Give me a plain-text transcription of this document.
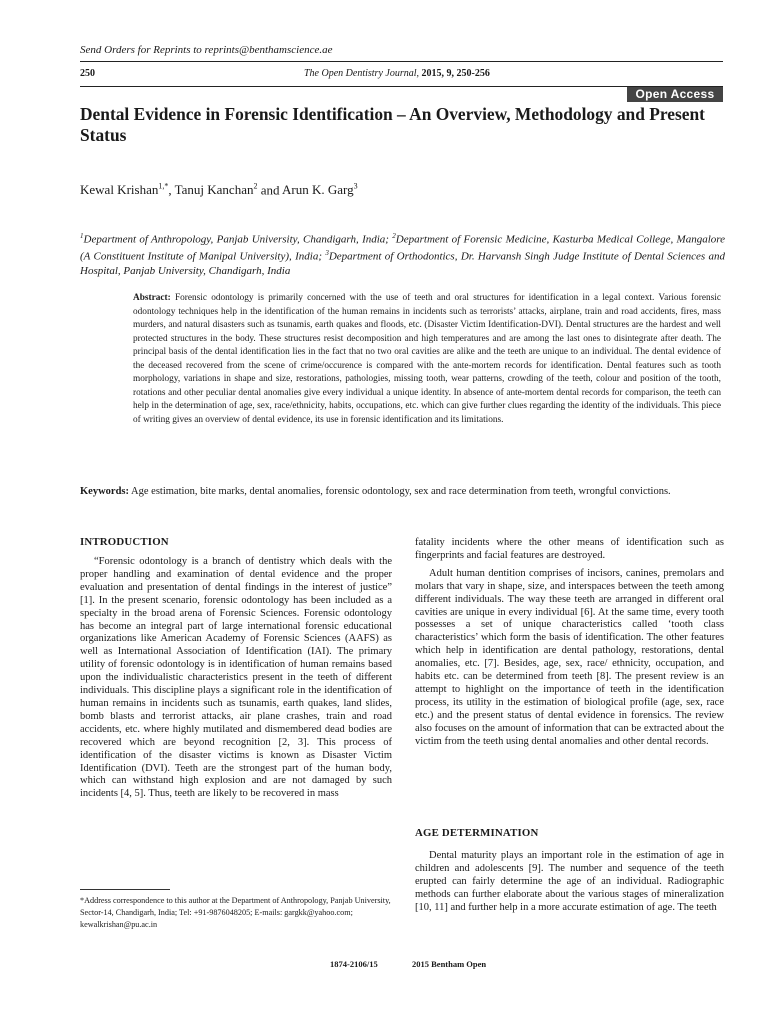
Send Orders for Reprints to reprints@benthamscience.ae
250	The Open Dentistry Journal, 2015, 9, 250-256
Open Access
Dental Evidence in Forensic Identification – An Overview, Methodology and Present Status
Kewal Krishan$^{1,*}$, Tanuj Kanchan$^2$ and Arun K. Garg$^3$
$^1$Department of Anthropology, Panjab University, Chandigarh, India; $^2$Department of Forensic Medicine, Kasturba Medical College, Mangalore (A Constituent Institute of Manipal University), India; $^3$Department of Orthodontics, Dr. Harvansh Singh Judge Institute of Dental Sciences and Hospital, Panjab University, Chandigarh, India
Abstract: Forensic odontology is primarily concerned with the use of teeth and oral structures for identification in a legal context. Various forensic odontology techniques help in the identification of the human remains in incidents such as terrorists’ attacks, airplane, train and road accidents, fires, mass murders, and natural disasters such as tsunamis, earth quakes and floods, etc. (Disaster Victim Identification-DVI). Dental structures are the hardest and well protected structures in the body. These structures resist decomposition and high temperatures and are among the last ones to disintegrate after death. The principal basis of the dental identification lies in the fact that no two oral cavities are alike and the teeth are unique to an individual. The dental evidence of the deceased recovered from the scene of crime/occurence is compared with the ante-mortem records for identification. Dental features such as tooth morphology, variations in shape and size, restorations, pathologies, missing tooth, wear patterns, crowding of the teeth, colour and position of the tooth, rotations and other peculiar dental anomalies give every individual a unique identity. In absence of ante-mortem dental records for comparison, the teeth can help in the determination of age, sex, race/ethnicity, habits, occupations, etc. which can give further clues regarding the identity of the individuals. This piece of writing gives an overview of dental evidence, its use in forensic identification and its limitations.
Keywords: Age estimation, bite marks, dental anomalies, forensic odontology, sex and race determination from teeth, wrongful convictions.
INTRODUCTION

“Forensic odontology is a branch of dentistry which deals with the proper handling and examination of dental evidence and the proper evaluation and presentation of dental findings in the interest of justice” [1]. In the present scenario, forensic odontology has been included as a specialty in the broad arena of Forensic Sciences. Forensic odontology has become an integral part of large international forensic educational organizations like American Academy of Forensic Sciences (AAFS) as well as International Association of Identification (IAI). The primary utility of forensic odontology is in identification of human remains based upon the individualistic characteristics present in the teeth of different individuals. This discipline plays a significant role in the identification of human remains in incidents such as tsunamis, earth quakes, land slides, bomb blasts and terrorist attacks, air plane crashes, train and road accidents, etc. where highly mutilated and dismembered dead bodies are recovered which are beyond recognition [2, 3]. This process of identification of the disaster victims is known as Disaster Victim Identification (DVI). Teeth are the strongest part of the human body, which can withstand high explosion and are not damaged by such incidents [4, 5]. Thus, teeth are likely to be recovered in mass

fatality incidents where the other means of identification such as fingerprints and facial features are destroyed.

Adult human dentition comprises of incisors, canines, premolars and molars that vary in shape, size, and interspaces between the teeth among different individuals. The way these teeth are arranged in different oral cavities are unique in every individual [6]. At the same time, every tooth possesses a set of unique characteristics called ‘tooth class characteristics’ which form the basis of identification. The other features which help in identification are dental pathology, restorations, dental anomalies, etc. [7]. Besides, age, sex, race/ ethnicity, occupation, and habits etc. can be determined from teeth [8]. The present review is an attempt to highlight on the importance of teeth in the identification process, its utility in the estimation of biological profile (age, sex, race etc.) and the present status of dental evidence in forensics. The review also focuses on the amount of information that can be extracted about the victim from the teeth using dental anomalies and other dental records.

AGE DETERMINATION

Dental maturity plays an important role in the estimation of age in children and adolescents [9]. The number and sequence of the teeth erupted can fairly determine the age of an individual. Radiographic methods can further elaborate about the various stages of mineralization [10, 11] and further help in a more accurate estimation of age. The teeth

*Address correspondence to this author at the Department of Anthropology, Panjab University, Sector-14, Chandigarh, India; Tel: +91-9876048205; E-mails: gargkk@yahoo.com; kewalkrishan@pu.ac.in
1874-2106/15	2015 Bentham Open
